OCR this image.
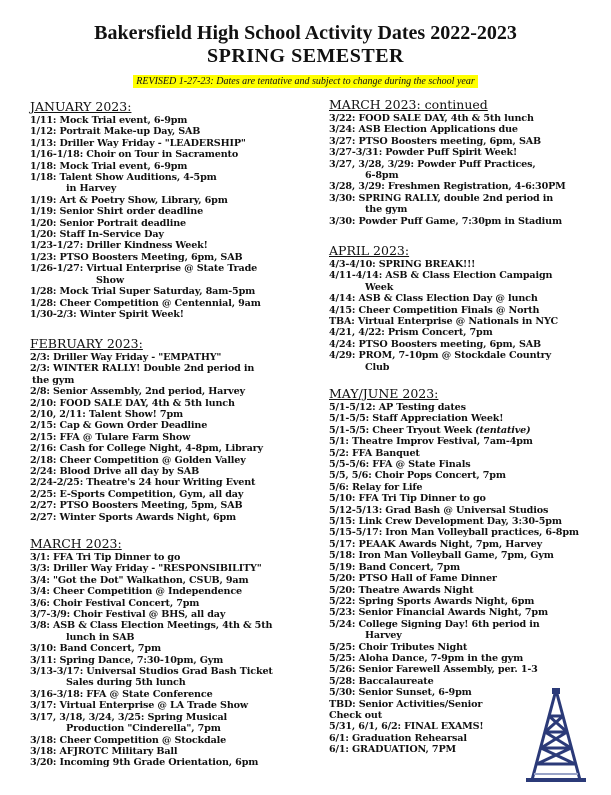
Bakersfield High School Activity Dates 2022-2023
SPRING SEMESTER
REVISED 1-27-23: Dates are tentative and subject to change during the school year
JANUARY 2023:
1/11: Mock Trial event, 6-9pm
1/12: Portrait Make-up Day, SAB
1/13: Driller Way Friday - "LEADERSHIP"
1/16-1/18: Choir on Tour in Sacramento
1/18: Mock Trial event, 6-9pm
1/18: Talent Show Auditions, 4-5pm
in Harvey
1/19: Art & Poetry Show, Library, 6pm
1/19: Senior Shirt order deadline
1/20: Senior Portrait deadline
1/20: Staff In-Service Day
1/23-1/27: Driller Kindness Week!
1/23: PTSO Boosters Meeting, 6pm, SAB
1/26-1/27: Virtual Enterprise @ State Trade
Show
1/28: Mock Trial Super Saturday, 8am-5pm
1/28: Cheer Competition @ Centennial, 9am
1/30-2/3: Winter Spirit Week!
FEBRUARY 2023:
2/3: Driller Way Friday - "EMPATHY"
2/3: WINTER RALLY! Double 2nd period in
the gym
2/8: Senior Assembly, 2nd period, Harvey
2/10: FOOD SALE DAY, 4th & 5th lunch
2/10, 2/11: Talent Show! 7pm
2/15: Cap & Gown Order Deadline
2/15: FFA @ Tulare Farm Show
2/16: Cash for College Night, 4-8pm, Library
2/18: Cheer Competition @ Golden Valley
2/24: Blood Drive all day by SAB
2/24-2/25: Theatre's 24 hour Writing Event
2/25: E-Sports Competition, Gym, all day
2/27: PTSO Boosters Meeting, 5pm, SAB
2/27: Winter Sports Awards Night, 6pm
MARCH 2023:
3/1: FFA Tri Tip Dinner to go
3/3: Driller Way Friday - "RESPONSIBILITY"
3/4: "Got the Dot" Walkathon, CSUB, 9am
3/4: Cheer Competition @ Independence
3/6: Choir Festival Concert, 7pm
3/7-3/9: Choir Festival @ BHS, all day
3/8: ASB & Class Election Meetings, 4th & 5th
lunch in SAB
3/10: Band Concert, 7pm
3/11: Spring Dance, 7:30-10pm, Gym
3/13-3/17: Universal Studios Grad Bash Ticket
Sales during 5th lunch
3/16-3/18: FFA @ State Conference
3/17: Virtual Enterprise @ LA Trade Show
3/17, 3/18, 3/24, 3/25: Spring Musical
Production "Cinderella", 7pm
3/18: Cheer Competition @ Stockdale
3/18: AFJROTC Military Ball
3/20: Incoming 9th Grade Orientation, 6pm
MARCH 2023: continued
3/22: FOOD SALE DAY, 4th & 5th lunch
3/24: ASB Election Applications due
3/27: PTSO Boosters meeting, 6pm, SAB
3/27-3/31: Powder Puff Spirit Week!
3/27, 3/28, 3/29: Powder Puff Practices,
6-8pm
3/28, 3/29: Freshmen Registration, 4-6:30PM
3/30: SPRING RALLY, double 2nd period in
the gym
3/30: Powder Puff Game, 7:30pm in Stadium
APRIL 2023:
4/3-4/10: SPRING BREAK!!!
4/11-4/14: ASB & Class Election Campaign
Week
4/14: ASB & Class Election Day @ lunch
4/15: Cheer Competition Finals @ North
TBA: Virtual Enterprise @ Nationals in NYC
4/21, 4/22: Prism Concert, 7pm
4/24: PTSO Boosters meeting, 6pm, SAB
4/29: PROM, 7-10pm @ Stockdale Country
Club
MAY/JUNE 2023:
5/1-5/12: AP Testing dates
5/1-5/5: Staff Appreciation Week!
5/1-5/5: Cheer Tryout Week (tentative)
5/1: Theatre Improv Festival, 7am-4pm
5/2: FFA Banquet
5/5-5/6: FFA @ State Finals
5/5, 5/6: Choir Pops Concert, 7pm
5/6: Relay for Life
5/10: FFA Tri Tip Dinner to go
5/12-5/13: Grad Bash @ Universal Studios
5/15: Link Crew Development Day, 3:30-5pm
5/15-5/17: Iron Man Volleyball practices, 6-8pm
5/17: PEAAK Awards Night, 7pm, Harvey
5/18: Iron Man Volleyball Game, 7pm, Gym
5/19: Band Concert, 7pm
5/20: PTSO Hall of Fame Dinner
5/20: Theatre Awards Night
5/22: Spring Sports Awards Night, 6pm
5/23: Senior Financial Awards Night, 7pm
5/24: College Signing Day! 6th period in
Harvey
5/25: Choir Tributes Night
5/25: Aloha Dance, 7-9pm in the gym
5/26: Senior Farewell Assembly, per. 1-3
5/28: Baccalaureate
5/30: Senior Sunset, 6-9pm
TBD: Senior Activities/Senior
Check out
5/31, 6/1, 6/2: FINAL EXAMS!
6/1: Graduation Rehearsal
6/1: GRADUATION, 7PM
